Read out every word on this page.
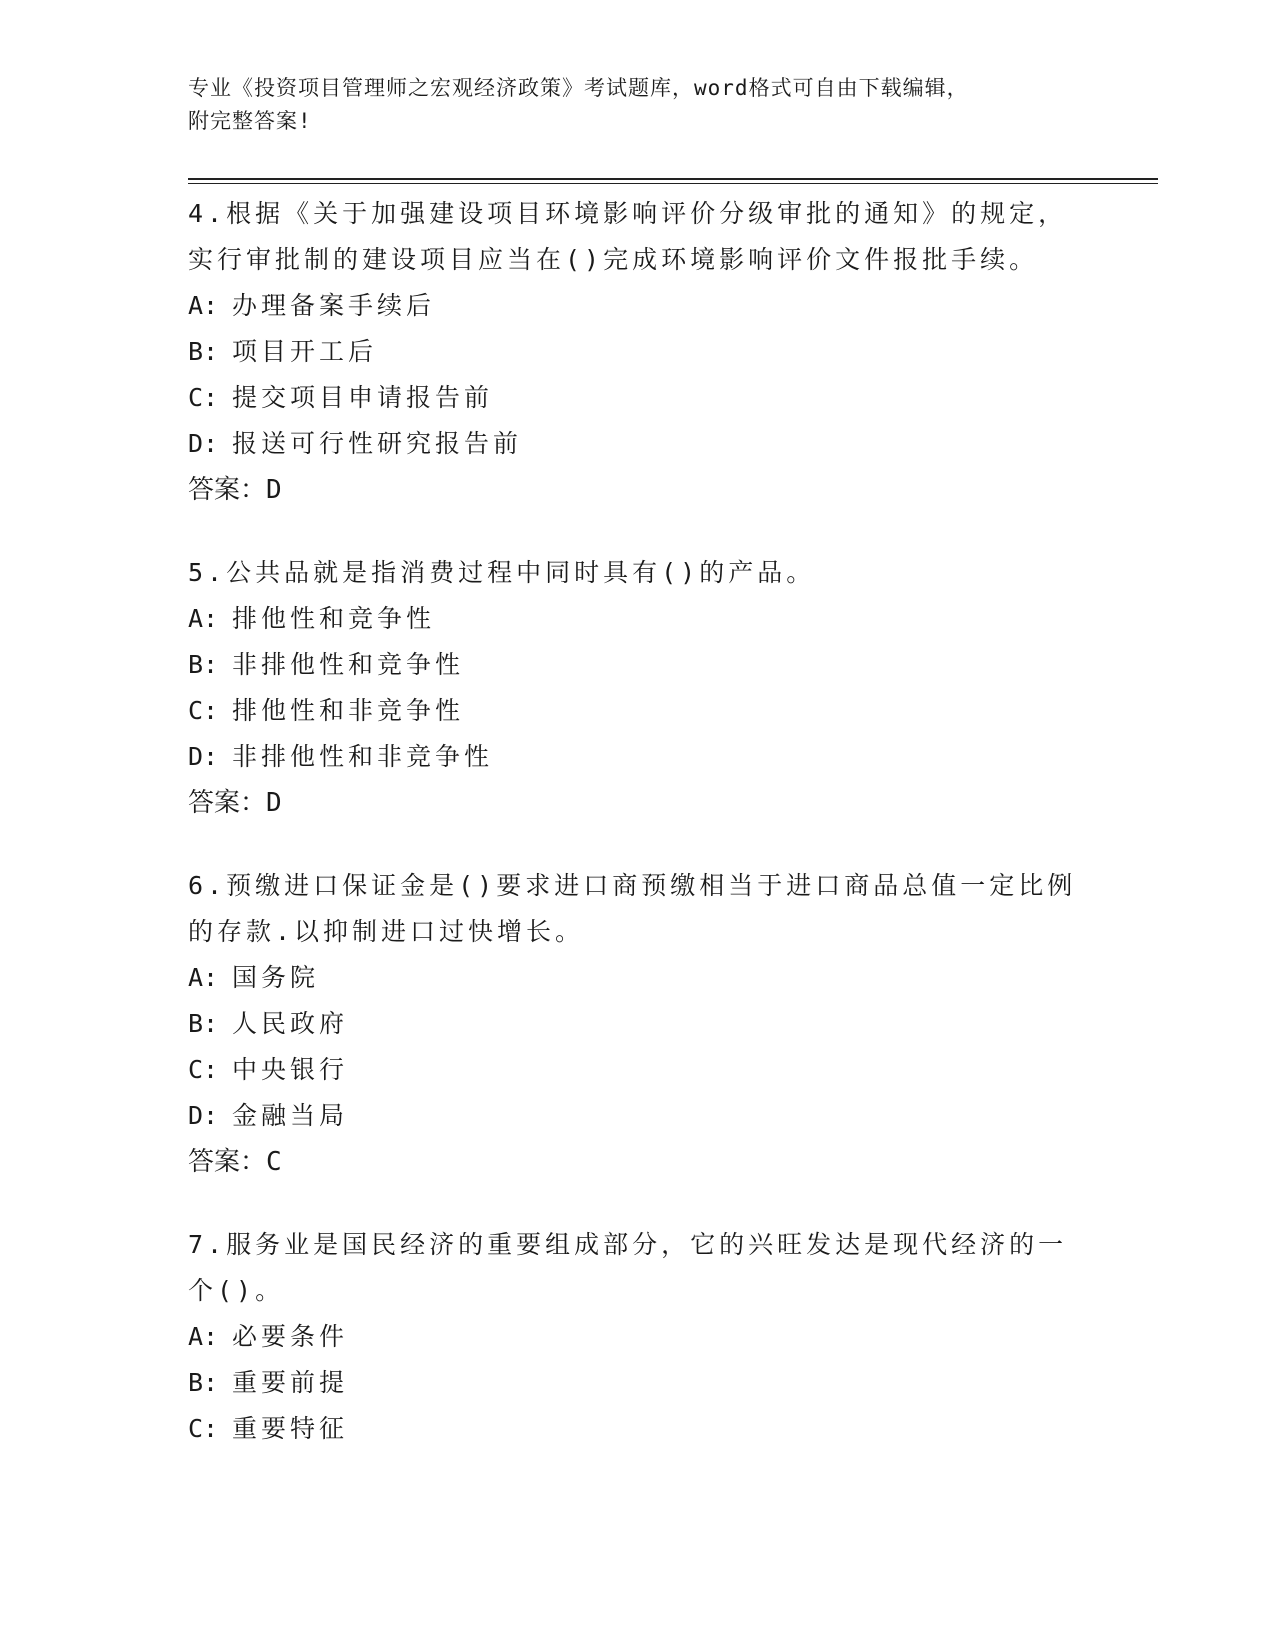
专业《投资项目管理师之宏观经济政策》考试题库，word格式可自由下载编辑，
附完整答案!
4.根据《关于加强建设项目环境影响评价分级审批的通知》的规定，
实行审批制的建设项目应当在()完成环境影响评价文件报批手续。
A: 办理备案手续后
B: 项目开工后
C: 提交项目申请报告前
D: 报送可行性研究报告前
答案：D
5.公共品就是指消费过程中同时具有()的产品。
A: 排他性和竞争性
B: 非排他性和竞争性
C: 排他性和非竞争性
D: 非排他性和非竞争性
答案：D
6.预缴进口保证金是()要求进口商预缴相当于进口商品总值一定比例
的存款.以抑制进口过快增长。
A: 国务院
B: 人民政府
C: 中央银行
D: 金融当局
答案：C
7.服务业是国民经济的重要组成部分，它的兴旺发达是现代经济的一
个()。
A: 必要条件
B: 重要前提
C: 重要特征
